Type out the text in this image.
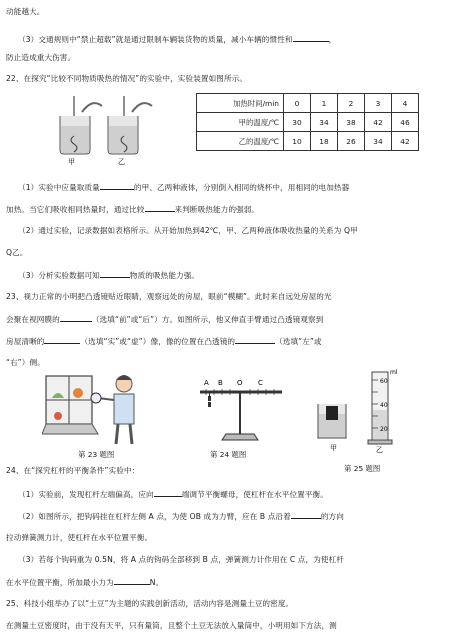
动能越大。
（3）交通规则中“禁止超载”就是通过限制车辆装货物的质量，减小车辆的惯性和	，
防止造成重大伤害。
22、在探究“比较不同物质吸热的情况”的实验中，实验装置如图所示。
（1）实验中应量取质量	的甲、乙两种液体，分别倒入相同的烧杯中，用相同的电加热器
加热。当它们吸收相同热量时，通过比较	来判断吸热能力的强弱。
（2）通过实验，记录数据如表格所示。从开始加热到42℃，甲、乙两种液体吸收热量的关系为 Q甲
Q乙。
（3）分析实验数据可知	物质的吸热能力强。
23、视力正常的小明把凸透镜贴近眼睛，观察远处的房屋，眼前“模糊”。此时来自远处房屋的光
会聚在视网膜的	（选填“前”或“后”）方。如图所示，他又伸直手臂通过凸透镜观察到
房屋清晰的	（选填“实”或“虚”）像，像的位置在凸透镜的	（选填“左”或
“右”）侧。
24、在“探究杠杆的平衡条件”实验中：
（1）实验前，发现杠杆左端偏高，应向	端调节平衡螺母，使杠杆在水平位置平衡。
（2）如图所示，把钩码挂在杠杆左侧 A 点，为使 OB 成为力臂，应在 B 点沿着	的方向
拉动弹簧测力计，使杠杆在水平位置平衡。
（3）若每个钩码重为 0.5N，将 A 点的钩码全部移到 B 点，弹簧测力计作用在 C 点，为使杠杆
在水平位置平衡，所加最小力为	N。
25、科技小组举办了以“土豆”为主题的实践创新活动，活动内容是测量土豆的密度。
在测量土豆密度时，由于没有天平，只有量筒，且整个土豆无法放入量筒中，小明用如下方法，测
甲	乙
加热时间/min	0	1	2	3	4
甲的温度/℃	30	34	38	42	46
乙的温度/℃	10	18	26	34	42
第 23 题图
A B O C
第 24 题图
60
40
20
ml
甲	乙
第 25 题图
